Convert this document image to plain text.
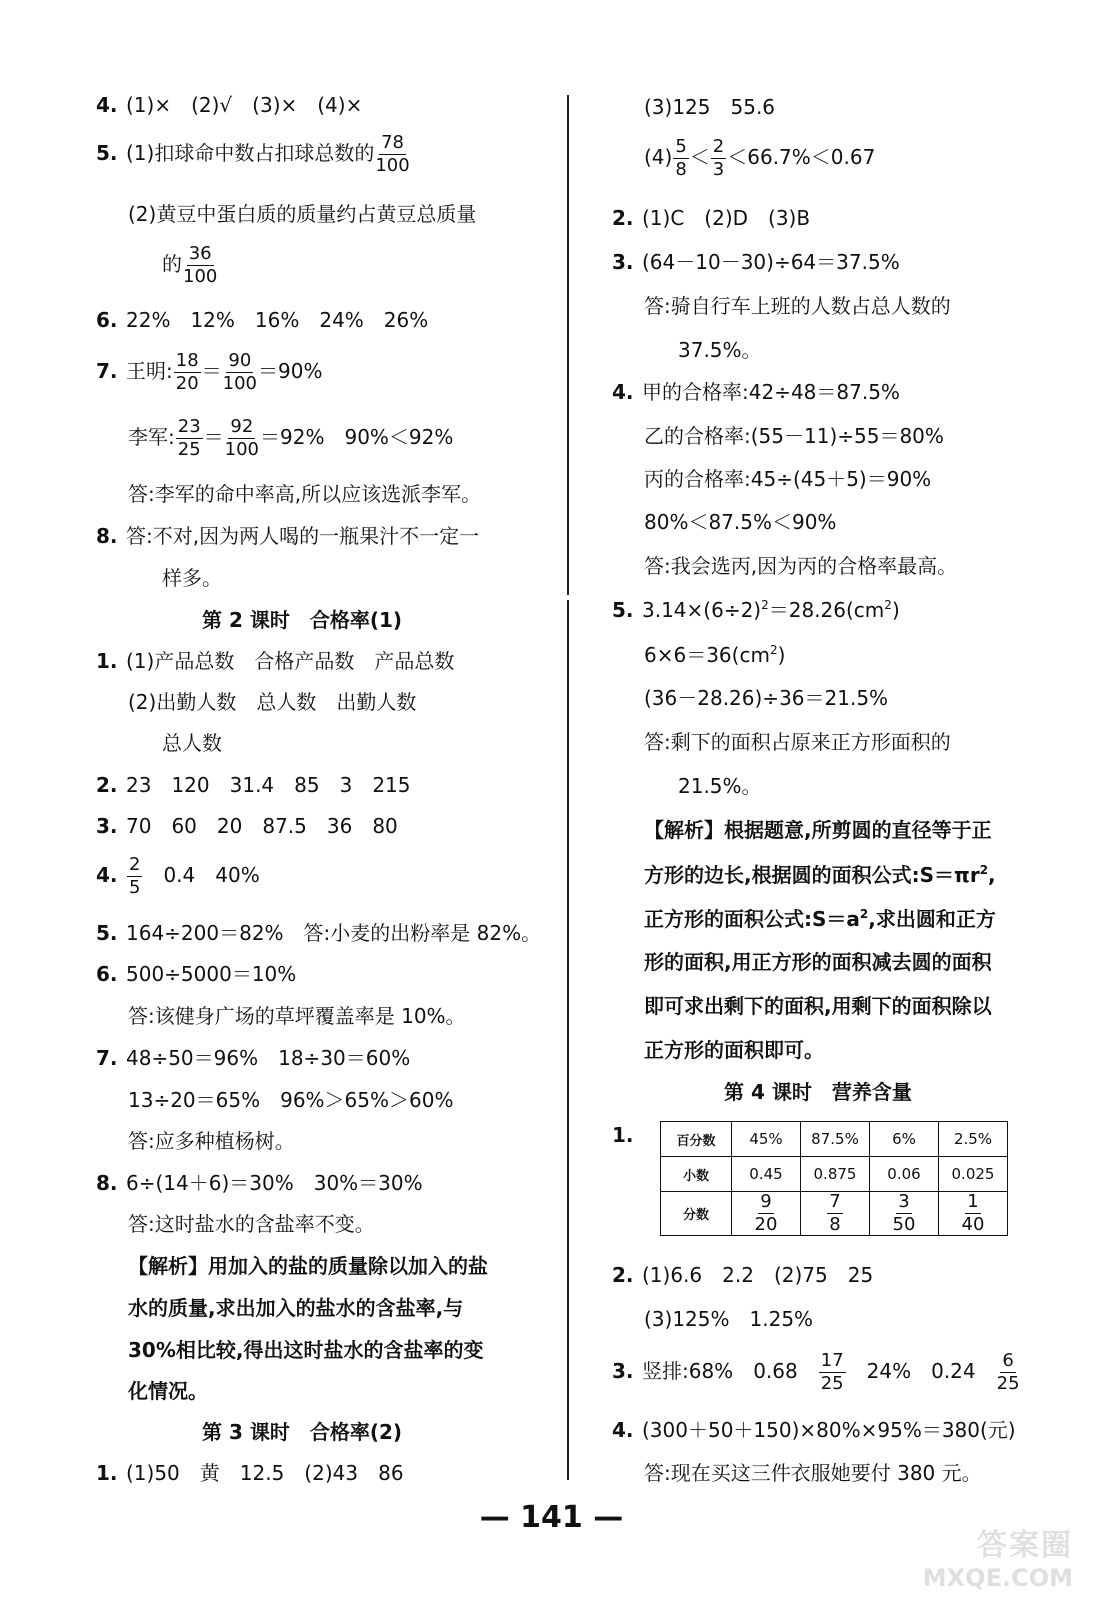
4. (1)×　(2)√　(3)×　(4)×
5. (1)扣球命中数占扣球总数的 $\frac{78}{100}$
(2)黄豆中蛋白质的质量约占黄豆总质量
的 $\frac{36}{100}$
6. 22%　12%　16%　24%　26%
7. 王明: $\frac{18}{20} = \frac{90}{100} =90\%$
李军: $\frac{23}{25} = \frac{92}{100} =92\%$　90%＜92%
答:李军的命中率高,所以应该选派李军。
8. 答:不对,因为两人喝的一瓶果汁不一定一
样多。
第 2 课时　合格率(1)
1. (1)产品总数　合格产品数　产品总数
(2)出勤人数　总人数　出勤人数
总人数
2. 23　120　31.4　85　3　215
3. 70　60　20　87.5　36　80
4. $\frac{2}{5}$ 　0.4　40%
5. 164÷200＝82%　答:小麦的出粉率是 82%。
6. 500÷5000＝10%
答:该健身广场的草坪覆盖率是 10%。
7. 48÷50＝96%　18÷30＝60%
13÷20＝65%　96%＞65%＞60%
答:应多种植杨树。
8. 6÷(14＋6)＝30%　30%＝30%
答:这时盐水的含盐率不变。
【解析】用加入的盐的质量除以加入的盐
水的质量,求出加入的盐水的含盐率,与
30%相比较,得出这时盐水的含盐率的变
化情况。
第 3 课时　合格率(2)
1. (1)50　黄　12.5　(2)43　86
(3)125　55.6
$(4) \frac{5}{8} < \frac{2}{3} <66.7\%<0.67$
2. (1)C　(2)D　(3)B
3. (64－10－30)÷64＝37.5%
答:骑自行车上班的人数占总人数的
37.5%。
4. 甲的合格率:42÷48＝87.5%
乙的合格率:(55－11)÷55＝80%
丙的合格率:45÷(45＋5)＝90%
80%＜87.5%＜90%
答:我会选丙,因为丙的合格率最高。
5. $3.14\times(6\div 2)^2=28.26(cm^2)$
$6\times 6=36(cm^2)$
(36－28.26)÷36＝21.5%
答:剩下的面积占原来正方形面积的
21.5%。
【解析】根据题意,所剪圆的直径等于正
方形的边长,根据圆的面积公式$:S=\pi r^2$,
正方形的面积公式$:S=a^2$,求出圆和正方
形的面积,用正方形的面积减去圆的面积
即可求出剩下的面积,用剩下的面积除以
正方形的面积即可。
第 4 课时　营养含量
1.
2. (1)6.6　2.2　(2)75　25
(3)125%　1.25%
3. 竖排:68%　0.68　 $\frac{17}{25}$ 　24%　0.24　 $\frac{6}{25}$
4. (300＋50＋150)×80%×95%＝380(元)
答:现在买这三件衣服她要付 380 元。
百分数	45%	87.5%	6%	2.5%
小数	0.45	0.875	0.06	0.025
分数	$\frac{9}{20}$	$\frac{7}{8}$	$\frac{3}{50}$	$\frac{1}{40}$
— 141 —
答案圈
MXQE.COM
